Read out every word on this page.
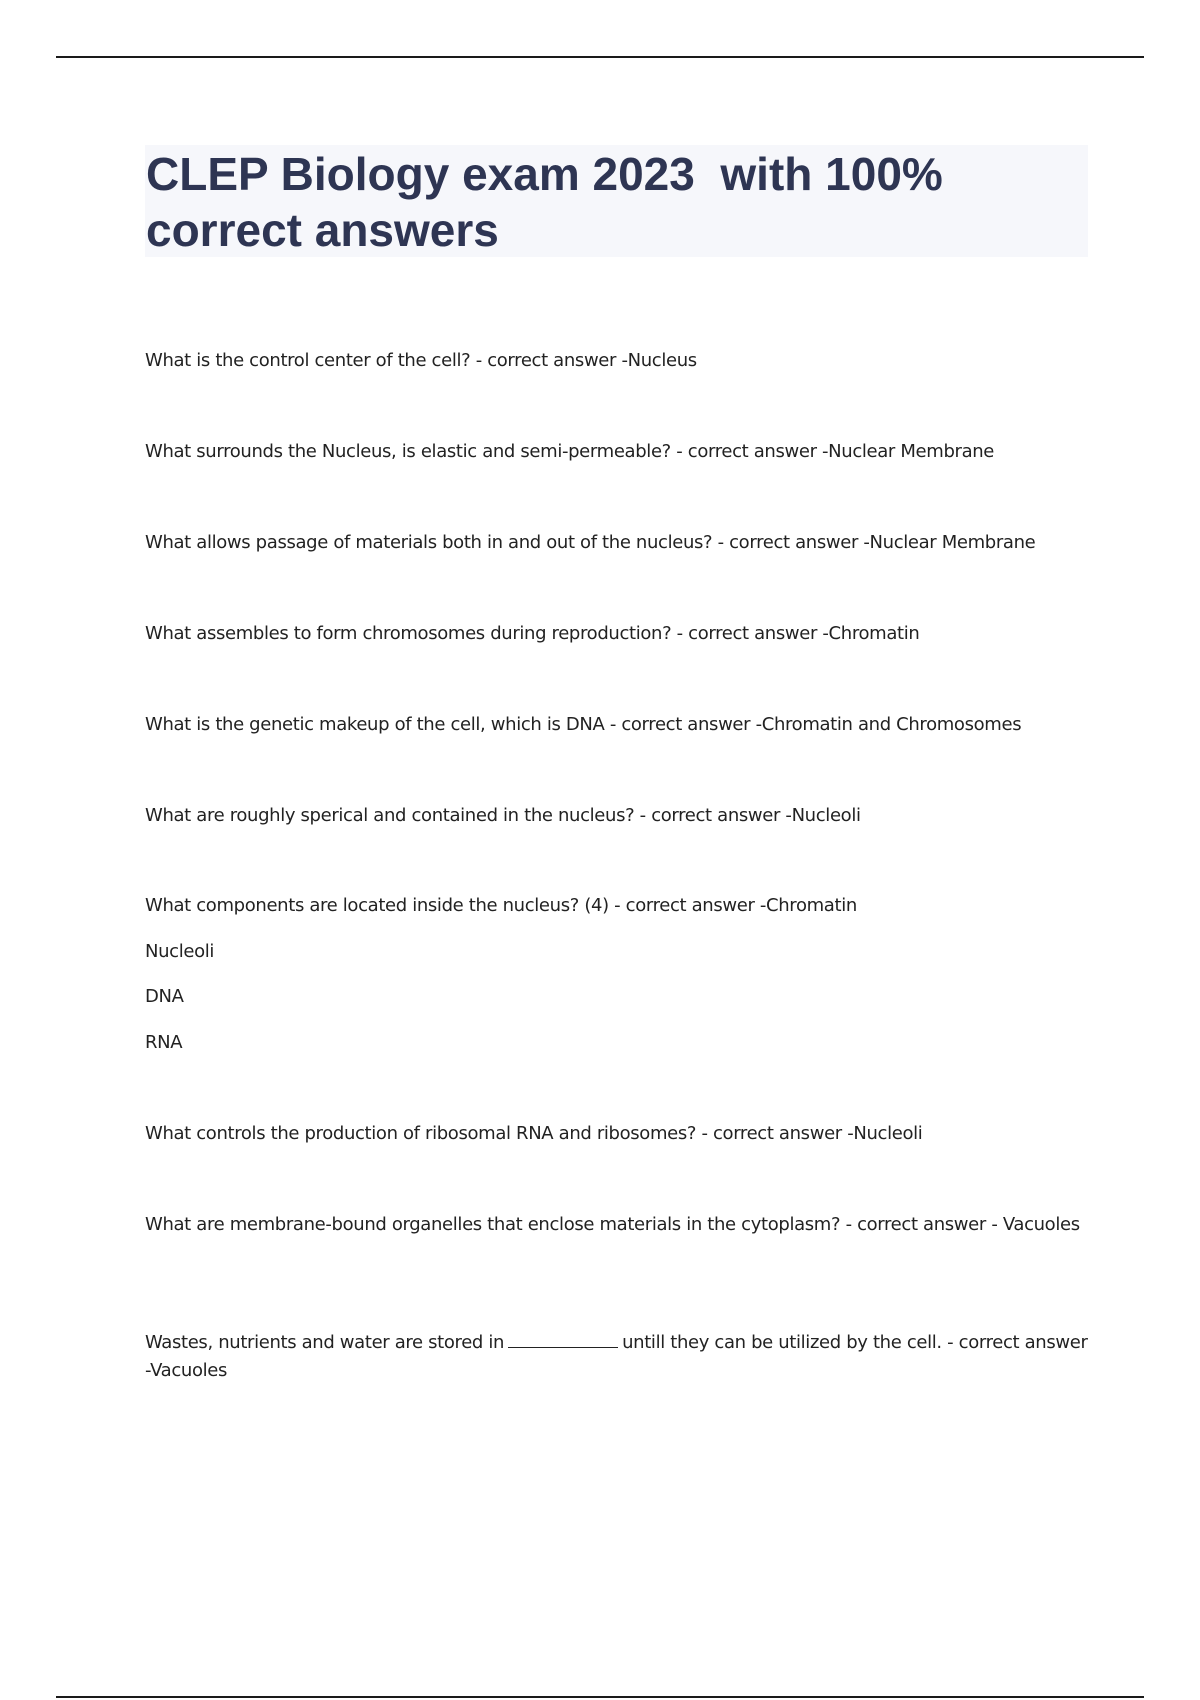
CLEP Biology exam 2023  with 100%
correct answers

What is the control center of the cell? - correct answer -Nucleus

What surrounds the Nucleus, is elastic and semi-permeable? - correct answer -Nuclear Membrane

What allows passage of materials both in and out of the nucleus? - correct answer -Nuclear Membrane

What assembles to form chromosomes during reproduction? - correct answer -Chromatin

What is the genetic makeup of the cell, which is DNA - correct answer -Chromatin and Chromosomes

What are roughly sperical and contained in the nucleus? - correct answer -Nucleoli

What components are located inside the nucleus? (4) - correct answer -Chromatin

Nucleoli

DNA

RNA

What controls the production of ribosomal RNA and ribosomes? - correct answer -Nucleoli

What are membrane-bound organelles that enclose materials in the cytoplasm? - correct answer - Vacuoles

Wastes, nutrients and water are stored in	untill they can be utilized by the cell. - correct answer -Vacuoles
